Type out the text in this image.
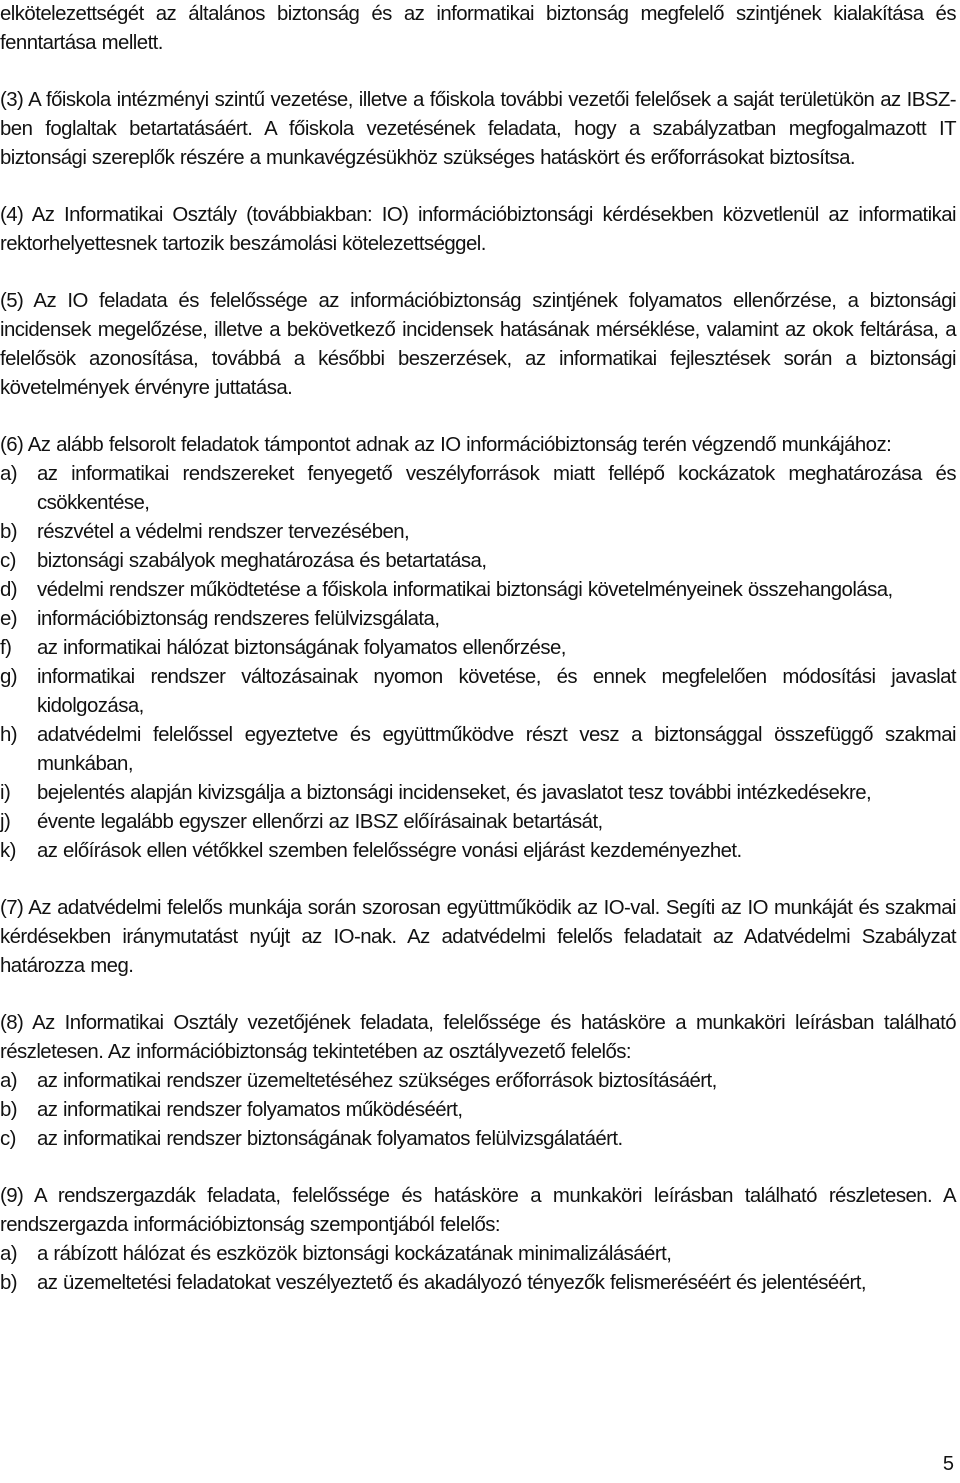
elkötelezettségét az általános biztonság és az informatikai biztonság megfelelő szintjének kialakítása és fenntartása mellett.

(3) A főiskola intézményi szintű vezetése, illetve a főiskola további vezetői felelősek a saját területükön az IBSZ-ben foglaltak betartatásáért. A főiskola vezetésének feladata, hogy a szabályzatban megfogalmazott IT biztonsági szereplők részére a munkavégzésükhöz szükséges hatáskört és erőforrásokat biztosítsa.

(4) Az Informatikai Osztály (továbbiakban: IO) információbiztonsági kérdésekben közvetlenül az informatikai rektorhelyettesnek tartozik beszámolási kötelezettséggel.

(5) Az IO feladata és felelőssége az információbiztonság szintjének folyamatos ellenőrzése, a biztonsági incidensek megelőzése, illetve a bekövetkező incidensek hatásának mérséklése, valamint az okok feltárása, a felelősök azonosítása, továbbá a későbbi beszerzések, az informatikai fejlesztések során a biztonsági követelmények érvényre juttatása.

(6) Az alább felsorolt feladatok támpontot adnak az IO információbiztonság terén végzendő munkájához:

a) az informatikai rendszereket fenyegető veszélyforrások miatt fellépő kockázatok meghatározása és csökkentése,
b) részvétel a védelmi rendszer tervezésében,
c)	biztonsági szabályok meghatározása és betartatása,
d) védelmi rendszer működtetése a főiskola informatikai biztonsági követelményeinek összehangolása,
e) információbiztonság rendszeres felülvizsgálata,
f)	az informatikai hálózat biztonságának folyamatos ellenőrzése,
g) informatikai rendszer változásainak nyomon követése, és ennek megfelelően módosítási javaslat kidolgozása,
h) adatvédelmi felelőssel egyeztetve és együttműködve részt vesz a biztonsággal összefüggő szakmai munkában,
i)	bejelentés alapján kivizsgálja a biztonsági incidenseket, és javaslatot tesz további intézkedésekre,
j)	évente legalább egyszer ellenőrzi az IBSZ előírásainak betartását,
k)	az előírások ellen vétőkkel szemben felelősségre vonási eljárást kezdeményezhet.

(7) Az adatvédelmi felelős munkája során szorosan együttműködik az IO-val. Segíti az IO munkáját és szakmai kérdésekben iránymutatást nyújt az IO-nak. Az adatvédelmi felelős feladatait az Adatvédelmi Szabályzat határozza meg.

(8) Az Informatikai Osztály vezetőjének feladata, felelőssége és hatásköre a munkaköri leírásban található részletesen. Az információbiztonság tekintetében az osztályvezető felelős:

a) az informatikai rendszer üzemeltetéséhez szükséges erőforrások biztosításáért,
b) az informatikai rendszer folyamatos működéséért,
c)	az informatikai rendszer biztonságának folyamatos felülvizsgálatáért.

(9) A rendszergazdák feladata, felelőssége és hatásköre a munkaköri leírásban található részletesen. A rendszergazda információbiztonság szempontjából felelős:

a) a rábízott hálózat és eszközök biztonsági kockázatának minimalizálásáért,
b) az üzemeltetési feladatokat veszélyeztető és akadályozó tényezők felismeréséért és jelentéséért,
5
